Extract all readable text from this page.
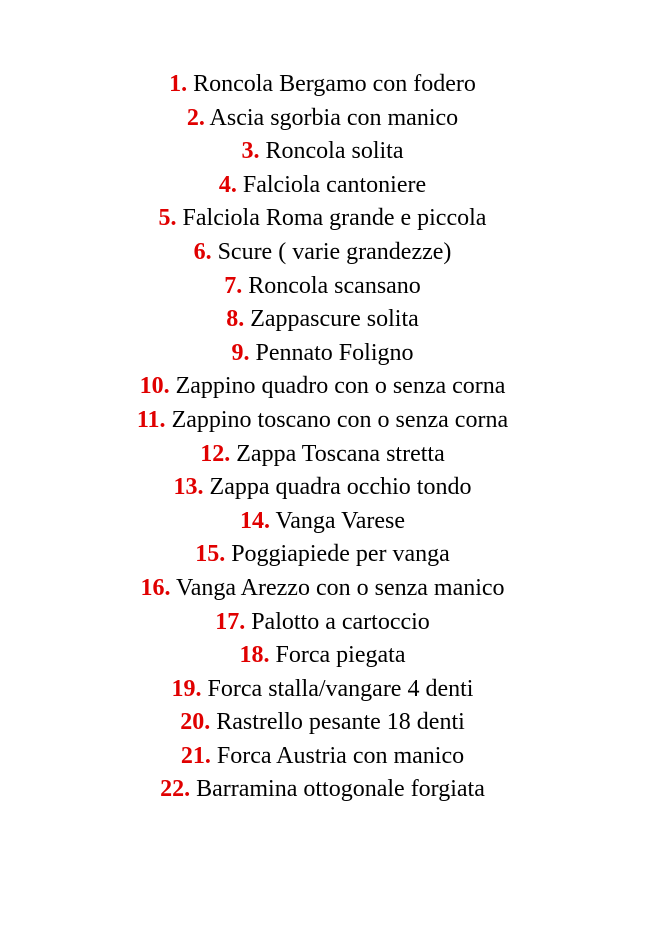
1. Roncola Bergamo con fodero
2. Ascia sgorbia con manico
3. Roncola solita
4. Falciola cantoniere
5. Falciola Roma grande e piccola
6. Scure ( varie grandezze)
7. Roncola scansano
8. Zappascure solita
9. Pennato Foligno
10. Zappino quadro con o senza corna
11. Zappino toscano con o senza corna
12. Zappa Toscana stretta
13. Zappa quadra occhio tondo
14. Vanga Varese
15. Poggiapiede per vanga
16. Vanga Arezzo con o senza manico
17. Palotto a cartoccio
18. Forca piegata
19. Forca stalla/vangare 4 denti
20. Rastrello pesante 18 denti
21. Forca Austria con manico
22. Barramina ottogonale forgiata
